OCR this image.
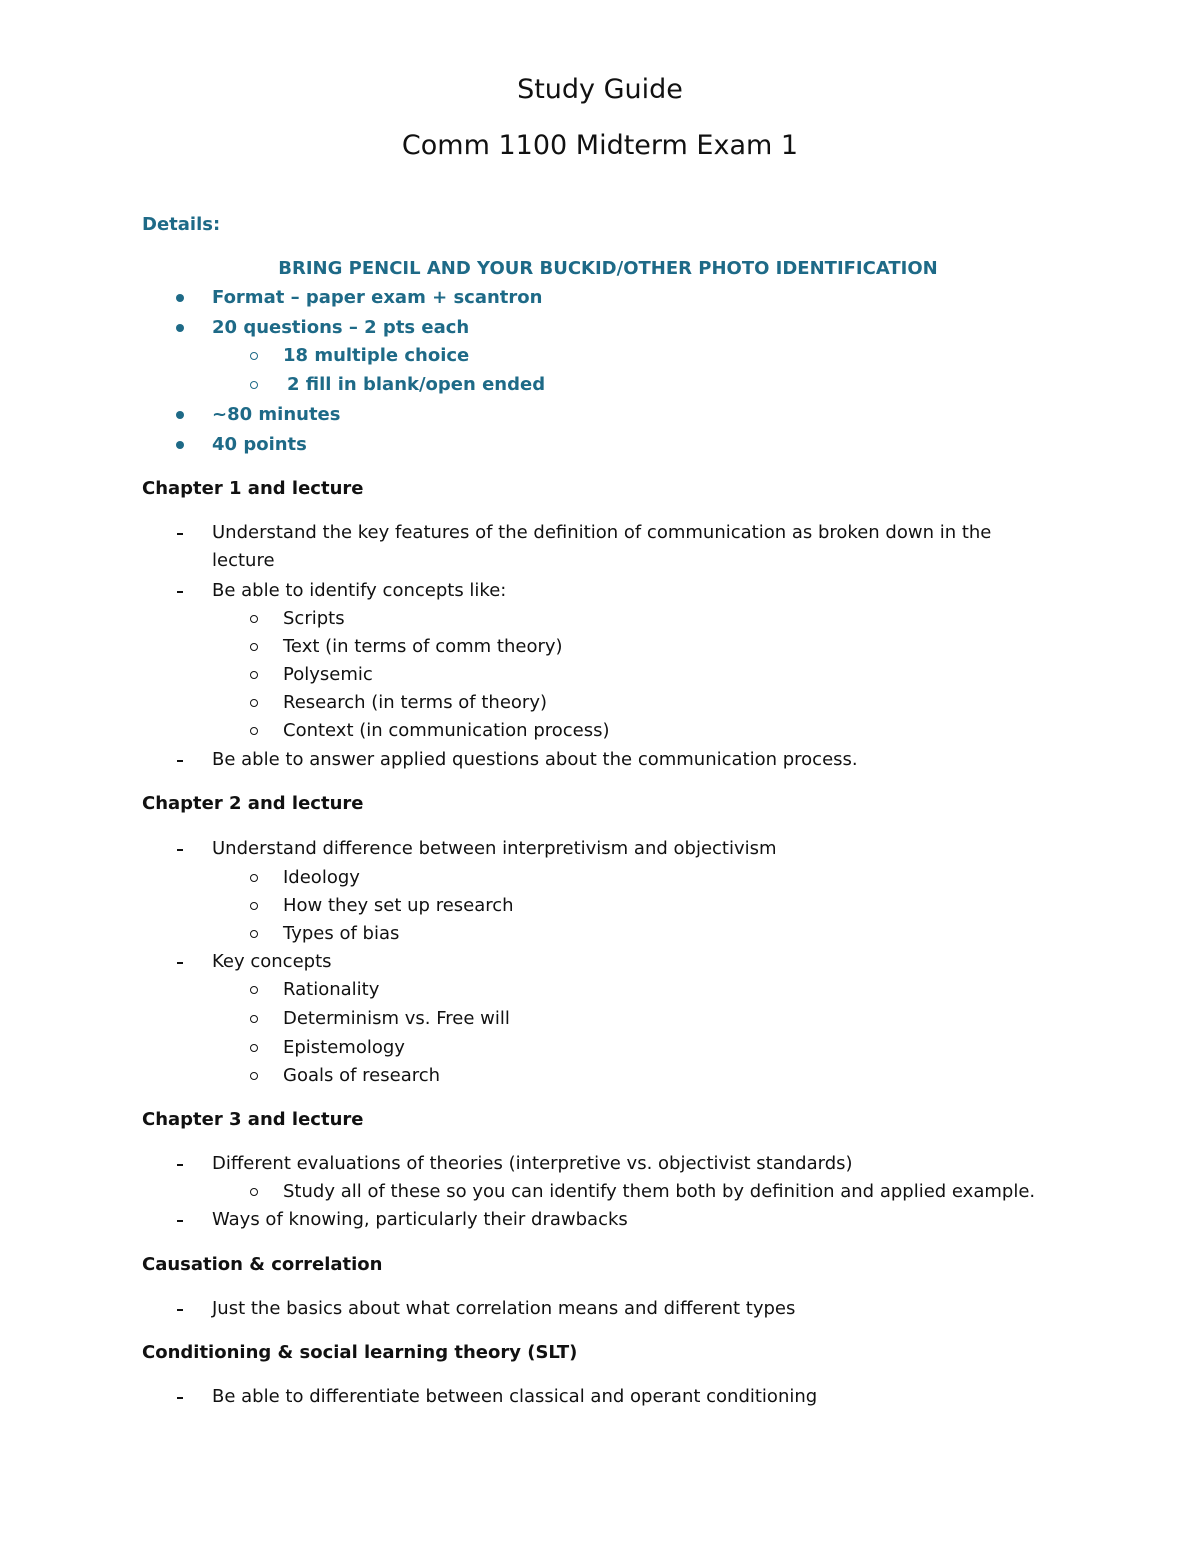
Study Guide
Comm 1100 Midterm Exam 1
Details:
BRING PENCIL AND YOUR BUCKID/OTHER PHOTO IDENTIFICATION
Format – paper exam + scantron
20 questions – 2 pts each
18 multiple choice
2 fill in blank/open ended
~80 minutes
40 points
Chapter 1 and lecture
Understand the key features of the definition of communication as broken down in the
lecture
Be able to identify concepts like:
Scripts
Text (in terms of comm theory)
Polysemic
Research (in terms of theory)
Context (in communication process)
Be able to answer applied questions about the communication process.
Chapter 2 and lecture
Understand difference between interpretivism and objectivism
Ideology
How they set up research
Types of bias
Key concepts
Rationality
Determinism vs. Free will
Epistemology
Goals of research
Chapter 3 and lecture
Different evaluations of theories (interpretive vs. objectivist standards)
Study all of these so you can identify them both by definition and applied example.
Ways of knowing, particularly their drawbacks
Causation & correlation
Just the basics about what correlation means and different types
Conditioning & social learning theory (SLT)
Be able to differentiate between classical and operant conditioning
